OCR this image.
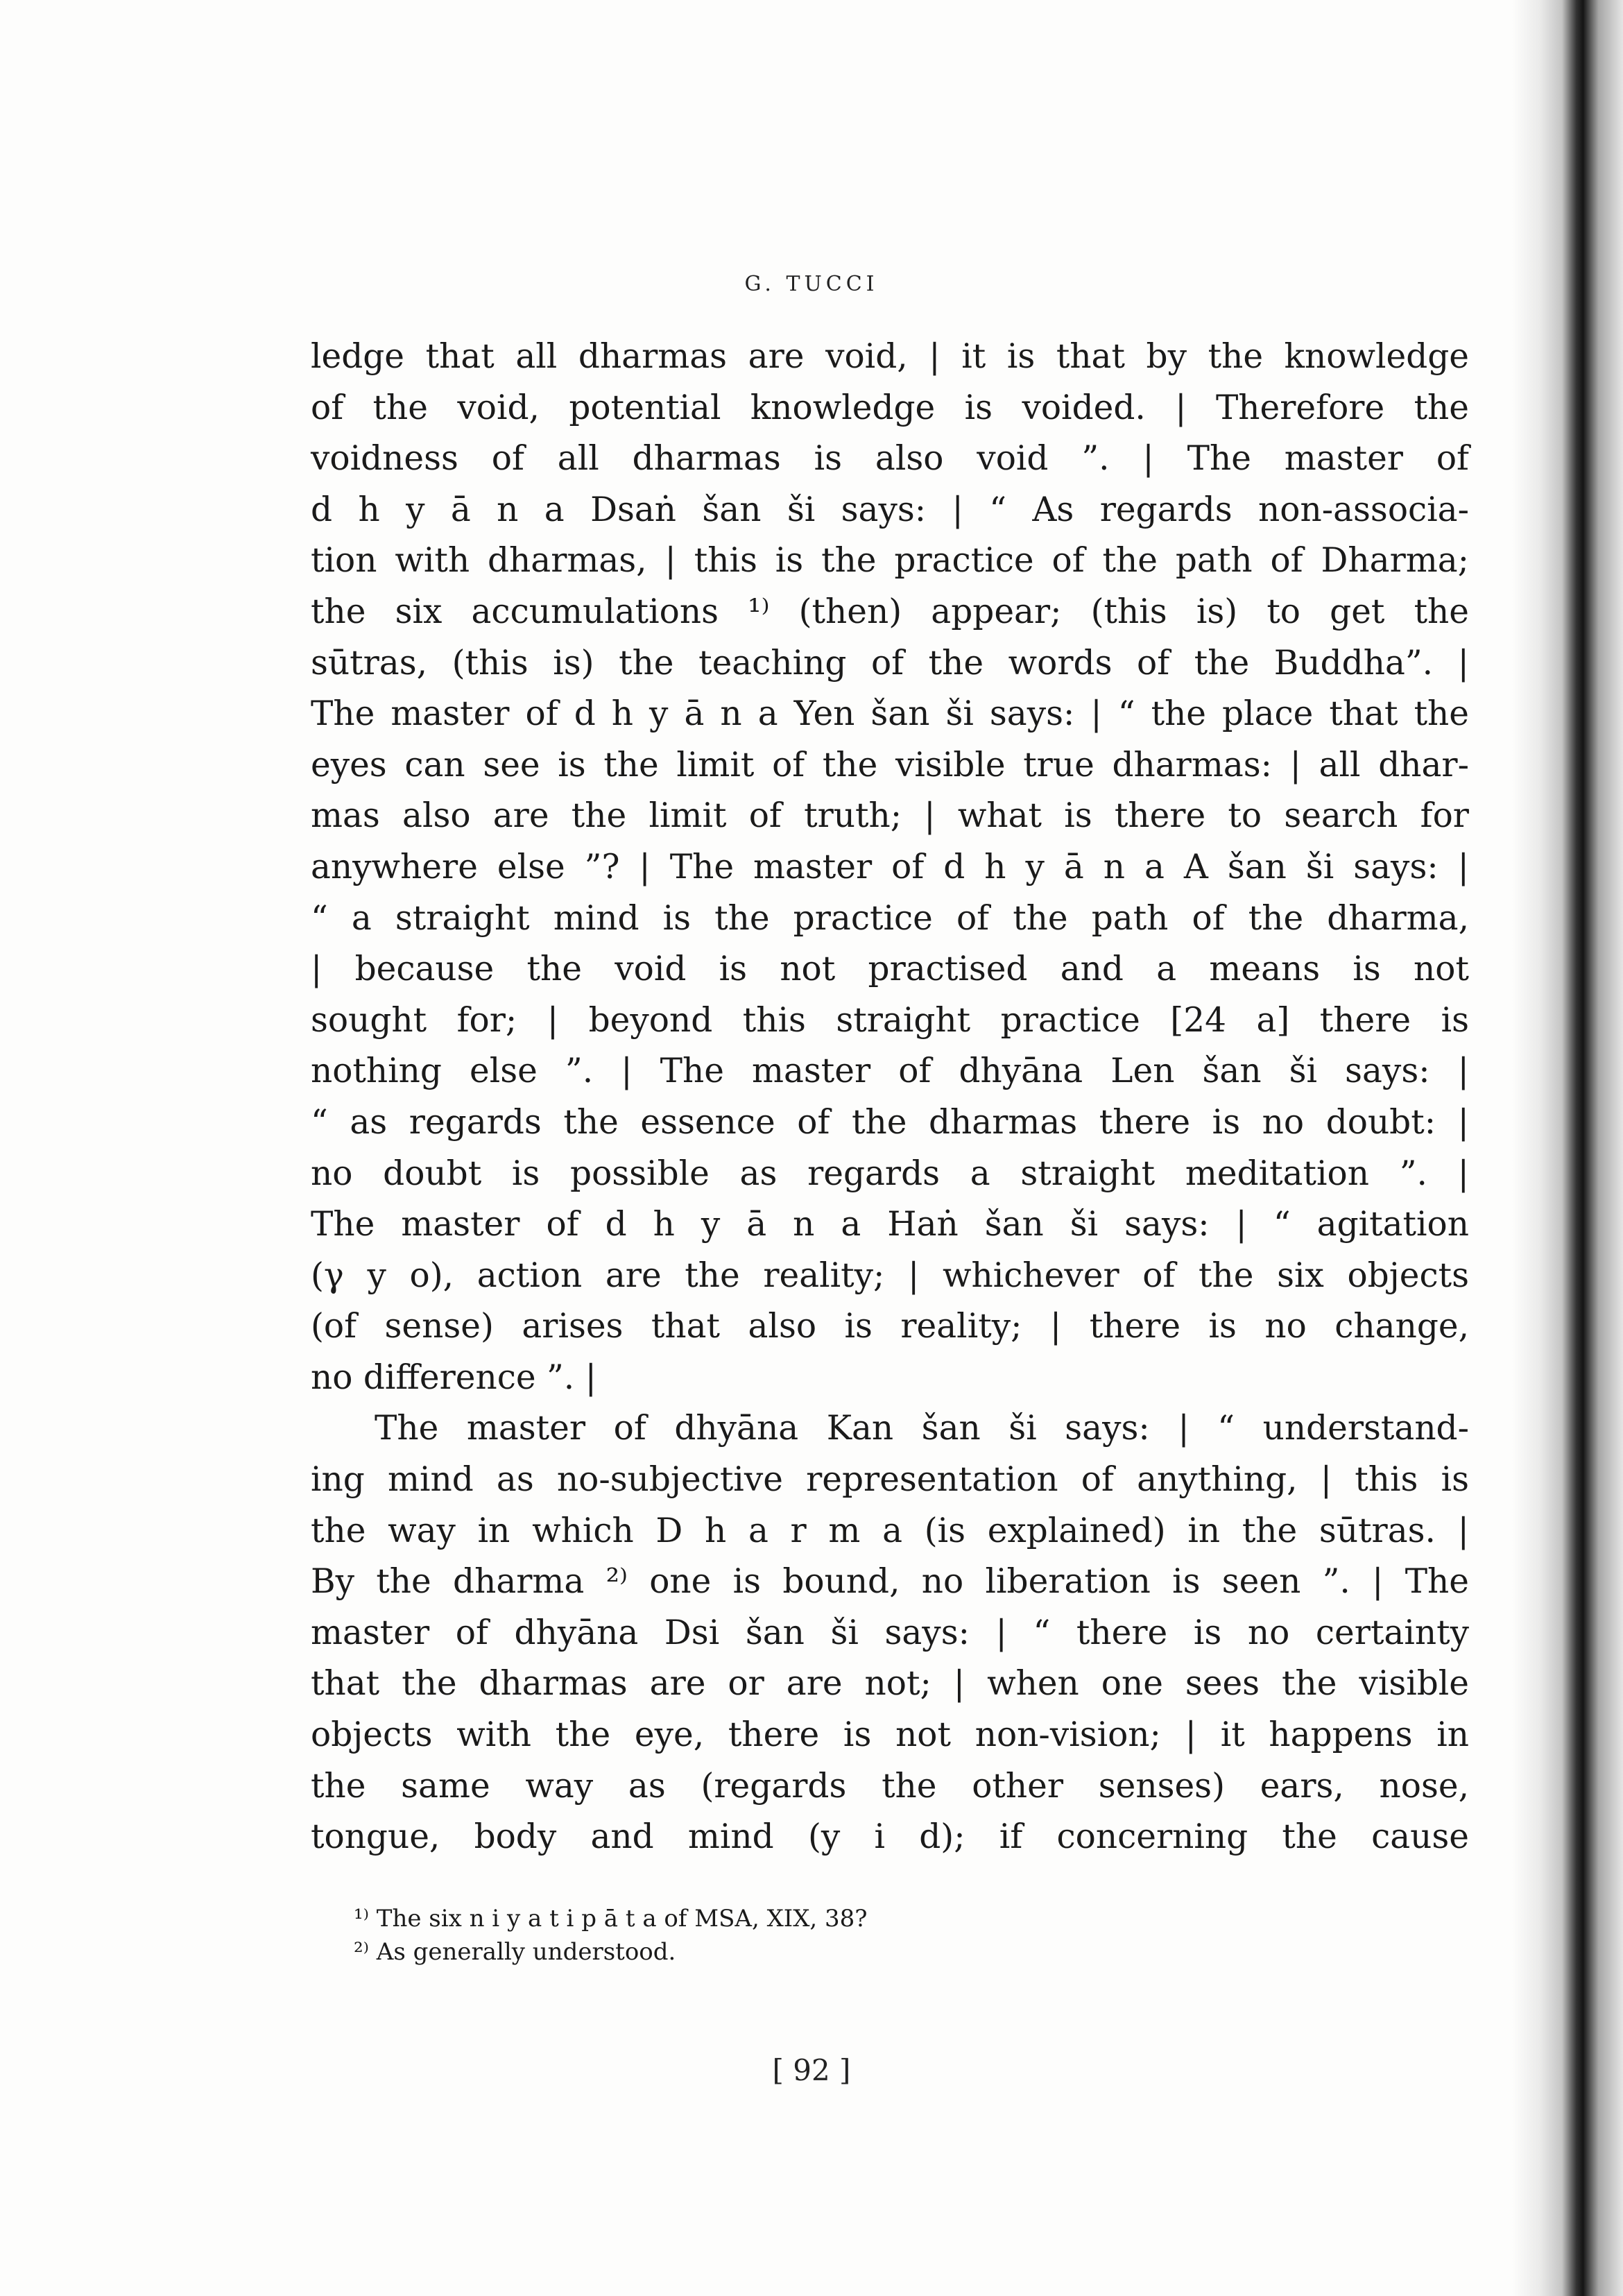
G. TUCCI
ledge that all dharmas are void, | it is that by the knowledge
of the void, potential knowledge is voided. | Therefore the
voidness of all dharmas is also void ”. | The master of
d h y ā n a Dsaṅ šan ši says: | “ As regards non-associa-
tion with dharmas, | this is the practice of the path of Dharma;
the six accumulations ¹⁾ (then) appear; (this is) to get the
sūtras, (this is) the teaching of the words of the Buddha”. |
The master of d h y ā n a Yen šan ši says: | “ the place that the
eyes can see is the limit of the visible true dharmas: | all dhar-
mas also are the limit of truth; | what is there to search for
anywhere else ”? | The master of d h y ā n a A šan ši says: |
“ a straight mind is the practice of the path of the dharma,
| because the void is not practised and a means is not
sought for; | beyond this straight practice [24 a] there is
nothing else ”. | The master of dhyāna Len šan ši says: |
“ as regards the essence of the dharmas there is no doubt: |
no doubt is possible as regards a straight meditation ”. |
The master of d h y ā n a Haṅ šan ši says: | “ agitation
(γ y o), action are the reality; | whichever of the six objects
(of sense) arises that also is reality; | there is no change,
no difference ”. |
The master of dhyāna Kan šan ši says: | “ understand-
ing mind as no-subjective representation of anything, | this is
the way in which D h a r m a (is explained) in the sūtras. |
By the dharma ²⁾ one is bound, no liberation is seen ”. | The
master of dhyāna Dsi šan ši says: | “ there is no certainty
that the dharmas are or are not; | when one sees the visible
objects with the eye, there is not non-vision; | it happens in
the same way as (regards the other senses) ears, nose,
tongue, body and mind (y i d); if concerning the cause
¹⁾ The six n i y a t i p ā t a of MSA, XIX, 38?
²⁾ As generally understood.
[ 92 ]
